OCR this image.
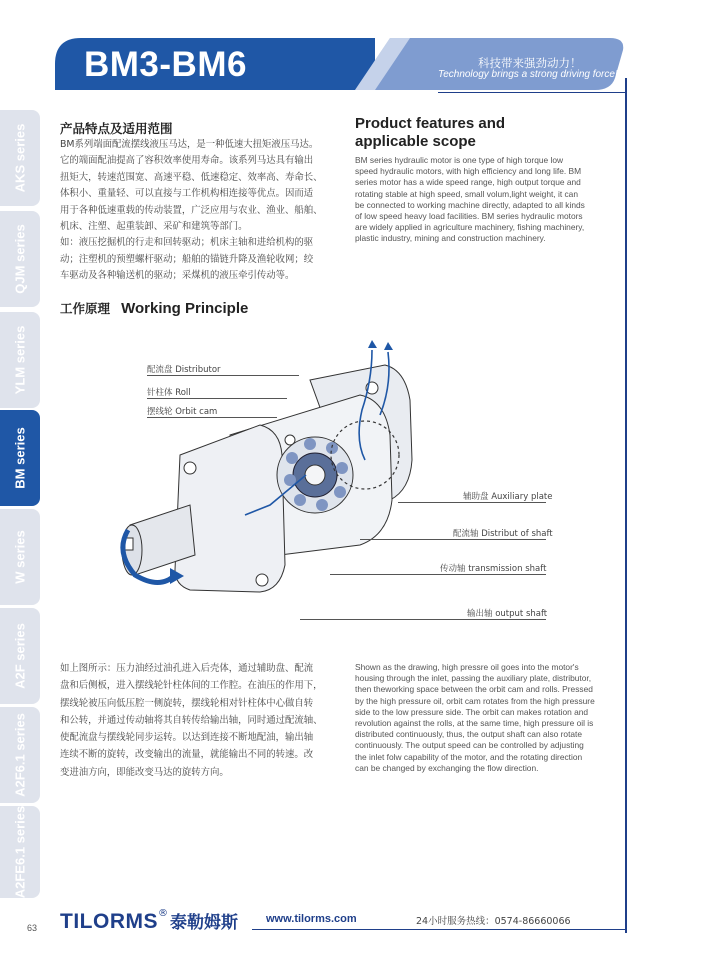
BM3-BM6	科技带来强劲动力！
Technology brings a strong driving force!
AKS series
QJM series
YLM series
BM series
W series
A2F series
A2F6.1 series
A2FE6.1 series
产品特点及适用范围
BM系列端面配流摆线液压马达，是一种低速大扭矩液压马达。
它的端面配油提高了容积效率使用寿命。该系列马达具有输出
扭矩大，转速范围宽、高速平稳、低速稳定、效率高、寿命长、
体积小、重量轻、可以直接与工作机构相连接等优点。因而适
用于各种低速重载的传动装置，广泛应用与农业、渔业、船舶、
机床、注塑、起重装卸、采矿和建筑等部门。
如：液压挖掘机的行走和回转驱动；机床主轴和进给机构的驱
动；注塑机的预塑螺杆驱动；船舶的锚链升降及渔轮收网；绞
车驱动及各种输送机的驱动；采煤机的液压牵引传动等。
Product features and
applicable scope
BM series hydraulic motor is one type of high torque low
speed hydraulic motors, with high efficiency and long life. BM
series motor has a wide speed range, high output torque and
rotating stable at high speed, small volum,light weight, it can
be connected to working machine directly, adapted to all kinds
of low speed heavy load facilities. BM series hydraulic motors
are widely applied in agriculture machinery, fishing machinery,
plastic industry, mining and construction machinery.
工作原理 Working Principle
配流盘 Distributor
针柱体 Roll
摆线轮 Orbit cam
辅助盘 Auxiliary plate
配流轴 Distribut of shaft
传动轴 transmission shaft
输出轴 output shaft
如上图所示：压力油经过油孔进入后壳体，通过辅助盘、配流
盘和后侧板，进入摆线轮针柱体间的工作腔。在油压的作用下，
摆线轮被压向低压腔一侧旋转，摆线轮相对针柱体中心做自转
和公转，并通过传动轴将其自转传给输出轴，同时通过配流轴、
使配流盘与摆线轮同步运转。以达到连接不断地配油，输出轴
连续不断的旋转，改变输出的流量，就能输出不同的转速。改
变进油方向，即能改变马达的旋转方向。
Shown as the drawing, high pressre oil goes into the motor's
housing through the inlet, passing the auxiliary plate, distributor,
then theworking space between the orbit cam and rolls. Pressed
by the high pressure oil, orbit cam rotates from the high pressure
side to the low pressure side. The orbit can makes rotation and
revolution against the rolls, at the same time, high pressure oil is
distributed continuously, thus, the output shaft can also rotate
continuously. The output speed can be controlled by adjusting
the inlet folw capability of the motor, and the rotating direction
can be changed by exchanging the flow direction.
63 TILORMS® 泰勒姆斯	www.tilorms.com	24小时服务热线：0574-86660066
